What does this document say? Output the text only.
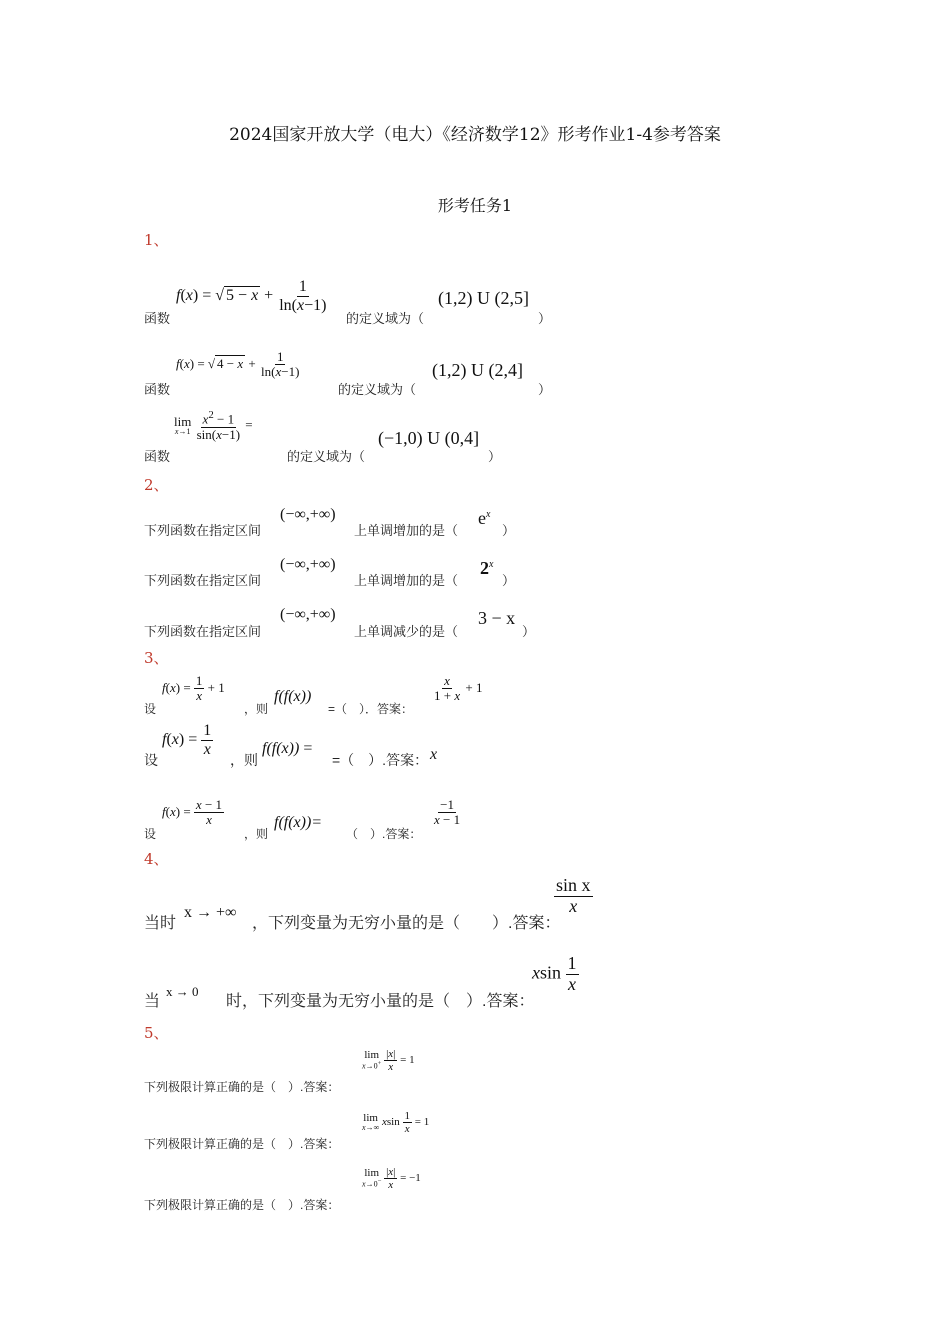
2024国家开放大学（电大）《经济数学12》形考作业1-4参考答案
形考任务1
1、
函数
f(x) = √ $5 - x + \frac{1}{\ln(x-1)}$
的定义域为（
(1,2) U (2,5]
）
函数
f(x) = √ $4 - x + \frac{1}{\ln(x-1)}$
的定义域为（
(1,2) U (2,4]
）
函数
lim
x→1
$\frac{x^2 - 1}{\sin(x-1)}$ =
的定义域为（
(−1,0) U (0,4]
）
2、
下列函数在指定区间
(−∞,+∞)
上单调增加的是（
$e^x$
）
下列函数在指定区间
(−∞,+∞)
上单调增加的是（
2$^x$
）
下列函数在指定区间
(−∞,+∞)
上单调减少的是（
3 − x
）
3、
设
$f(x) = \frac{1}{x} + 1$
，则
f(f(x))
=（　）．答案：
$\frac{x}{1 + x} + 1$
设
$f(x) = \frac{1}{x}$
，则
f(f(x)) =
=（　）.答案： x
设
$f(x) = \frac{x - 1}{x}$
，则
f(f(x))=
（　）.答案：
$\frac{-1}{x - 1}$
4、
当时
x → +∞
，下列变量为无穷小量的是（　　）.答案：
$\frac{\text{sin x}}{x}$
当
x → 0
时，下列变量为无穷小量的是（　）.答案：
xsin $\frac{1}{x}$
5、
下列极限计算正确的是（　）.答案：
lim
x→0+
$\frac{|x|}{x} = 1$
下列极限计算正确的是（　）.答案：
lim
x→∞ xsin $\frac{1}{x} = 1$
下列极限计算正确的是（　）.答案：
lim
x→0−
$\frac{|x|}{x} = -1$
